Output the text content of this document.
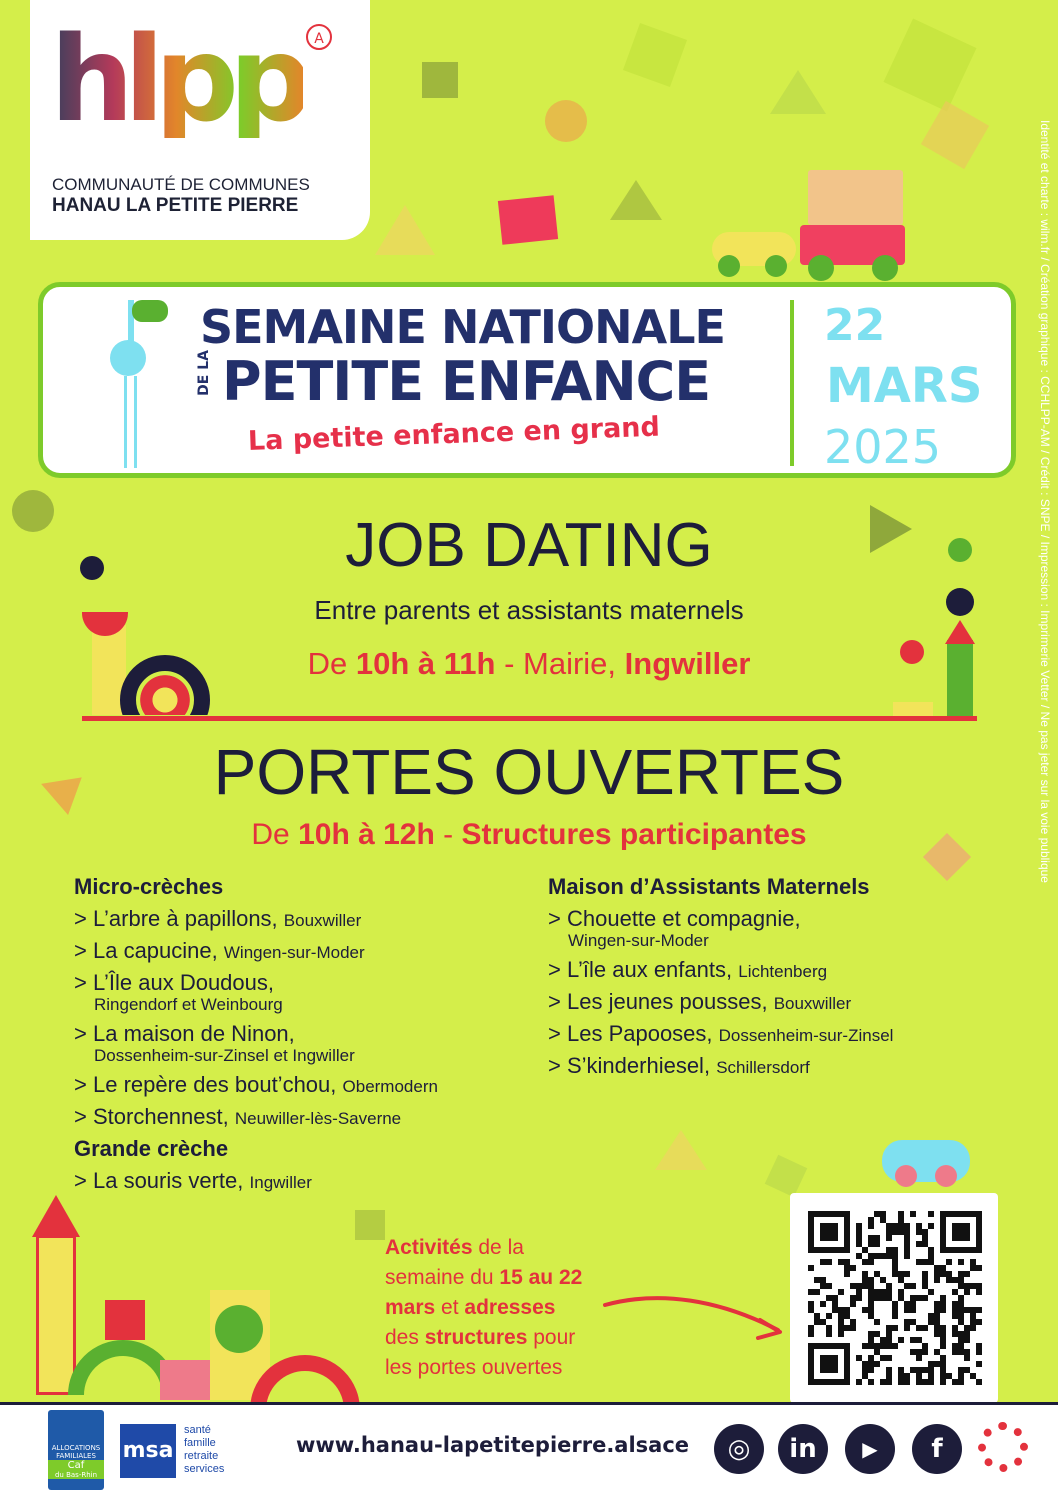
hlpp A
COMMUNAUTÉ DE COMMUNES
HANAU LA PETITE PIERRE
SEMAINE NATIONALE
DE LA PETITE ENFANCE
La petite enfance en grand
22
MARS
2025
JOB DATING
Entre parents et assistants maternels
De 10h à 11h - Mairie, Ingwiller
PORTES OUVERTES
De 10h à 12h - Structures participantes
Micro-crèches
> L’arbre à papillons, Bouxwiller
> La capucine, Wingen-sur-Moder
> L’Île aux Doudous,
Ringendorf et Weinbourg
> La maison de Ninon,
Dossenheim-sur-Zinsel et Ingwiller
> Le repère des bout’chou, Obermodern
> Storchennest, Neuwiller-lès-Saverne
Grande crèche
> La souris verte, Ingwiller
Maison d’Assistants Maternels
> Chouette et compagnie,
Wingen-sur-Moder
> L’île aux enfants, Lichtenberg
> Les jeunes pousses, Bouxwiller
> Les Papooses, Dossenheim-sur-Zinsel
> S’kinderhiesel, Schillersdorf
Activités de la
semaine du 15 au 22
mars et adresses
des structures pour
les portes ouvertes
Identité et charte : wilm.fr / Création graphique : CCHLPP-AM / Crédit : SNPE / Impression : Imprimerie Vetter / Ne pas jeter sur la voie publique
ALLOCATIONS FAMILIALES
Caf
du Bas-Rhin
msa
santé
famille
retraite
services
www.hanau-lapetitepierre.alsace	◎	in	▶	f
